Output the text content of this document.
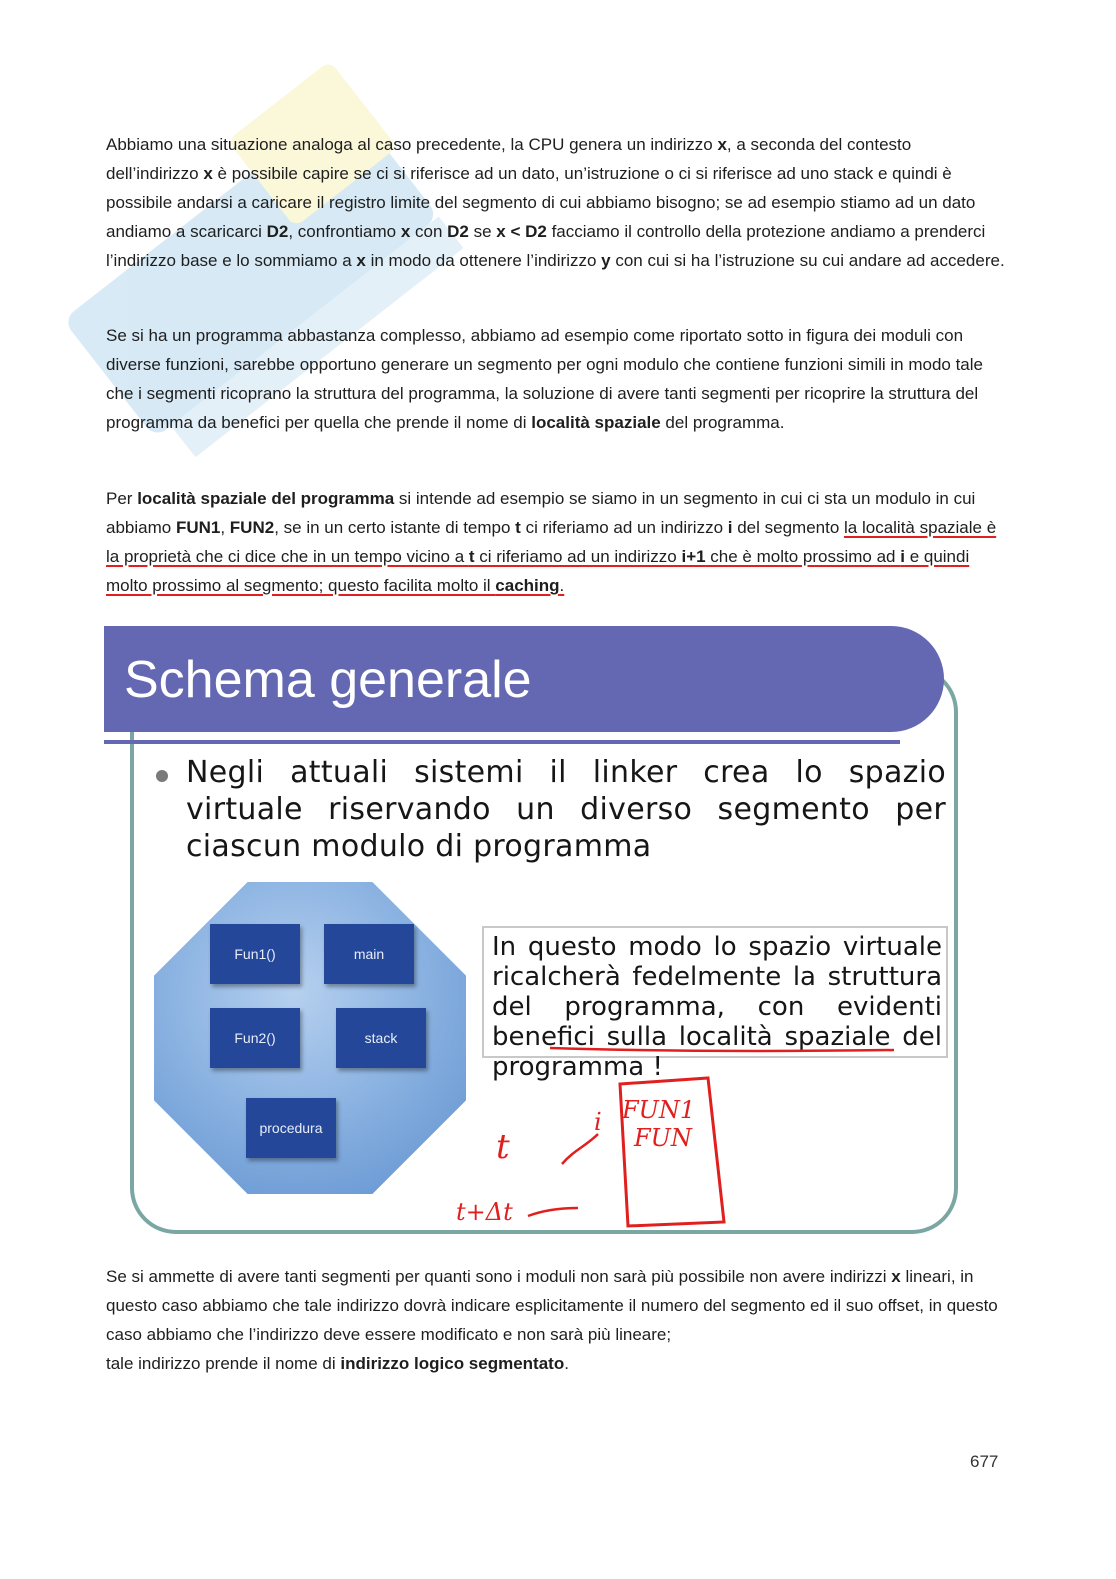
Abbiamo una situazione analoga al caso precedente, la CPU genera un indirizzo x, a seconda del contesto dell’indirizzo x è possibile capire se ci si riferisce ad un dato, un’istruzione o ci si riferisce ad uno stack e quindi è possibile andarsi a caricare il registro limite del segmento di cui abbiamo bisogno; se ad esempio stiamo ad un dato andiamo a scaricarci D2, confrontiamo x con D2 se x < D2 facciamo il controllo della protezione andiamo a prenderci l’indirizzo base e lo sommiamo a x in modo da ottenere l’indirizzo y con cui si ha l’istruzione su cui andare ad accedere.

Se si ha un programma abbastanza complesso, abbiamo ad esempio come riportato sotto in figura dei moduli con diverse funzioni, sarebbe opportuno generare un segmento per ogni modulo che contiene funzioni simili in modo tale che i segmenti ricoprano la struttura del programma, la soluzione di avere tanti segmenti per ricoprire la struttura del programma da benefici per quella che prende il nome di località spaziale del programma.

Per località spaziale del programma si intende ad esempio se siamo in un segmento in cui ci sta un modulo in cui abbiamo FUN1, FUN2, se in un certo istante di tempo t ci riferiamo ad un indirizzo i del segmento la località spaziale è la proprietà che ci dice che in un tempo vicino a t ci riferiamo ad un indirizzo i+1 che è molto prossimo ad i e quindi molto prossimo al segmento; questo facilita molto il caching.

Schema generale
Negli attuali sistemi il linker crea lo spazio virtuale riservando un diverso segmento per ciascun modulo di programma
Fun1()	main
Fun2()	stack
procedura
In questo modo lo spazio virtuale ricalcherà fedelmente la struttura del programma, con evidenti benefici sulla località spaziale del programma !
t
i
t+Δt
FUN1
FUN

Se si ammette di avere tanti segmenti per quanti sono i moduli non sarà più possibile non avere indirizzi x lineari, in questo caso abbiamo che tale indirizzo dovrà indicare esplicitamente il numero del segmento ed il suo offset, in questo caso abbiamo che l’indirizzo deve essere modificato e non sarà più lineare;
tale indirizzo prende il nome di indirizzo logico segmentato.

677
